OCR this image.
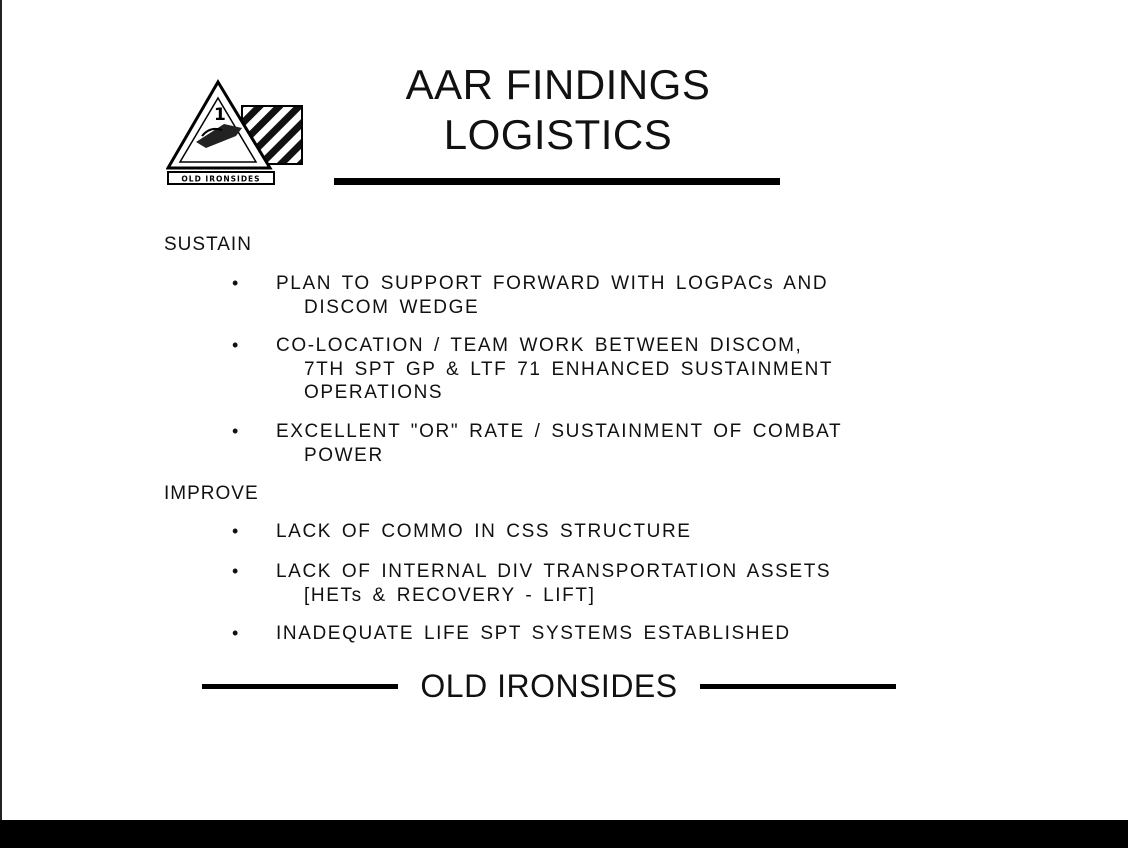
1
OLD IRONSIDES
AAR FINDINGS
LOGISTICS
SUSTAIN
•	PLAN TO SUPPORT FORWARD WITH LOGPACs AND
DISCOM WEDGE
•	CO-LOCATION / TEAM WORK BETWEEN DISCOM,
7TH SPT GP & LTF 71 ENHANCED SUSTAINMENT
OPERATIONS
•	EXCELLENT "OR" RATE / SUSTAINMENT OF COMBAT
POWER
IMPROVE
•	LACK OF COMMO IN CSS STRUCTURE
•	LACK OF INTERNAL DIV TRANSPORTATION ASSETS
[HETs & RECOVERY - LIFT]
•	INADEQUATE LIFE SPT SYSTEMS ESTABLISHED
OLD IRONSIDES
